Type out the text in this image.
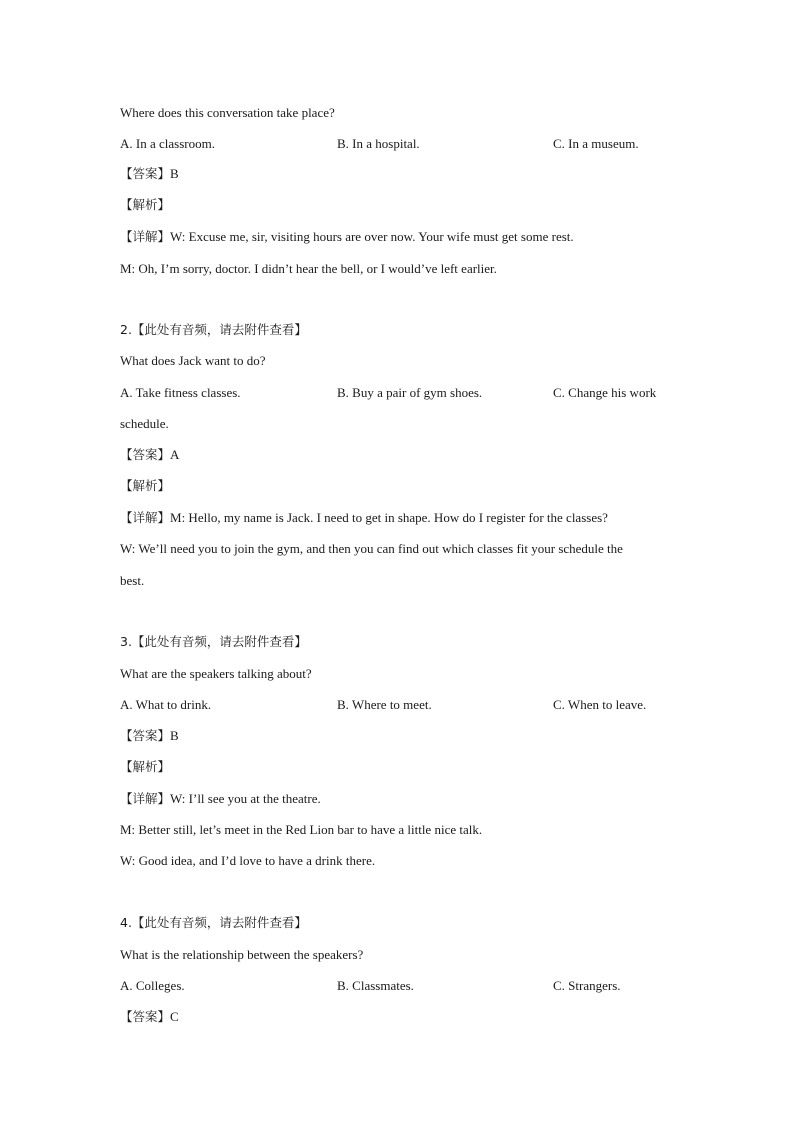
Where does this conversation take place?
A. In a classroom.	B. In a hospital.	C. In a museum.
【答案】B
【解析】
【详解】W: Excuse me, sir, visiting hours are over now. Your wife must get some rest.
M: Oh, I’m sorry, doctor. I didn’t hear the bell, or I would’ve left earlier.
2.【此处有音频，请去附件查看】
What does Jack want to do?
A. Take fitness classes.	B. Buy a pair of gym shoes.	C. Change his work
schedule.
【答案】A
【解析】
【详解】M: Hello, my name is Jack. I need to get in shape. How do I register for the classes?
W: We’ll need you to join the gym, and then you can find out which classes fit your schedule the
best.
3.【此处有音频，请去附件查看】
What are the speakers talking about?
A. What to drink.	B. Where to meet.	C. When to leave.
【答案】B
【解析】
【详解】W: I’ll see you at the theatre.
M: Better still, let’s meet in the Red Lion bar to have a little nice talk.
W: Good idea, and I’d love to have a drink there.
4.【此处有音频，请去附件查看】
What is the relationship between the speakers?
A. Colleges.	B. Classmates.	C. Strangers.
【答案】C
